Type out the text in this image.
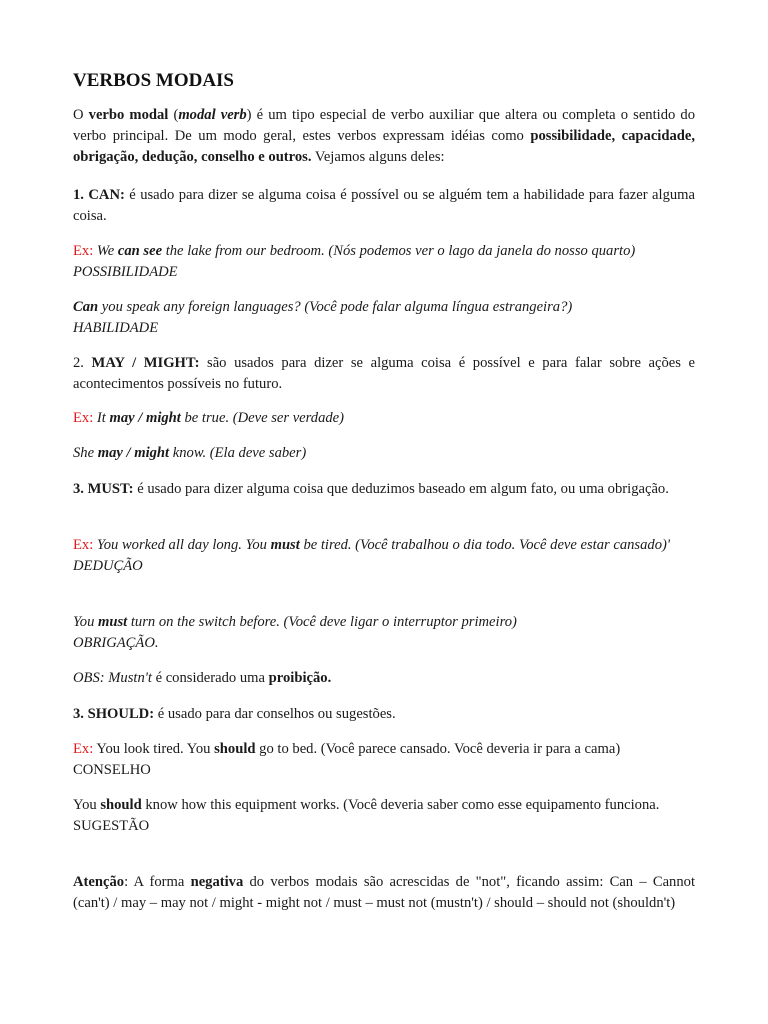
VERBOS MODAIS

O verbo modal (modal verb) é um tipo especial de verbo auxiliar que altera ou completa o sentido do verbo principal. De um modo geral, estes verbos expressam idéias como possibilidade, capacidade, obrigação, dedução, conselho e outros. Vejamos alguns deles:

1. CAN: é usado para dizer se alguma coisa é possível ou se alguém tem a habilidade para fazer alguma coisa.

Ex: We can see the lake from our bedroom. (Nós podemos ver o lago da janela do nosso quarto)
POSSIBILIDADE

Can you speak any foreign languages? (Você pode falar alguma língua estrangeira?)
HABILIDADE

2. MAY / MIGHT: são usados para dizer se alguma coisa é possível e para falar sobre ações e acontecimentos possíveis no futuro.

Ex: It may / might be true. (Deve ser verdade)

She may / might know. (Ela deve saber)

3. MUST: é usado para dizer alguma coisa que deduzimos baseado em algum fato, ou uma obrigação.

Ex: You worked all day long. You must be tired. (Você trabalhou o dia todo. Você deve estar cansado)'
DEDUÇÃO

You must turn on the switch before. (Você deve ligar o interruptor primeiro)
OBRIGAÇÃO.

OBS: Mustn't é considerado uma proibição.

3. SHOULD: é usado para dar conselhos ou sugestões.

Ex: You look tired. You should go to bed. (Você parece cansado. Você deveria ir para a cama)
CONSELHO

You should know how this equipment works. (Você deveria saber como esse equipamento funciona.
SUGESTÃO

Atenção: A forma negativa do verbos modais são acrescidas de "not", ficando assim: Can – Cannot (can't) / may – may not / might - might not / must – must not (mustn't) / should – should not (shouldn't)
